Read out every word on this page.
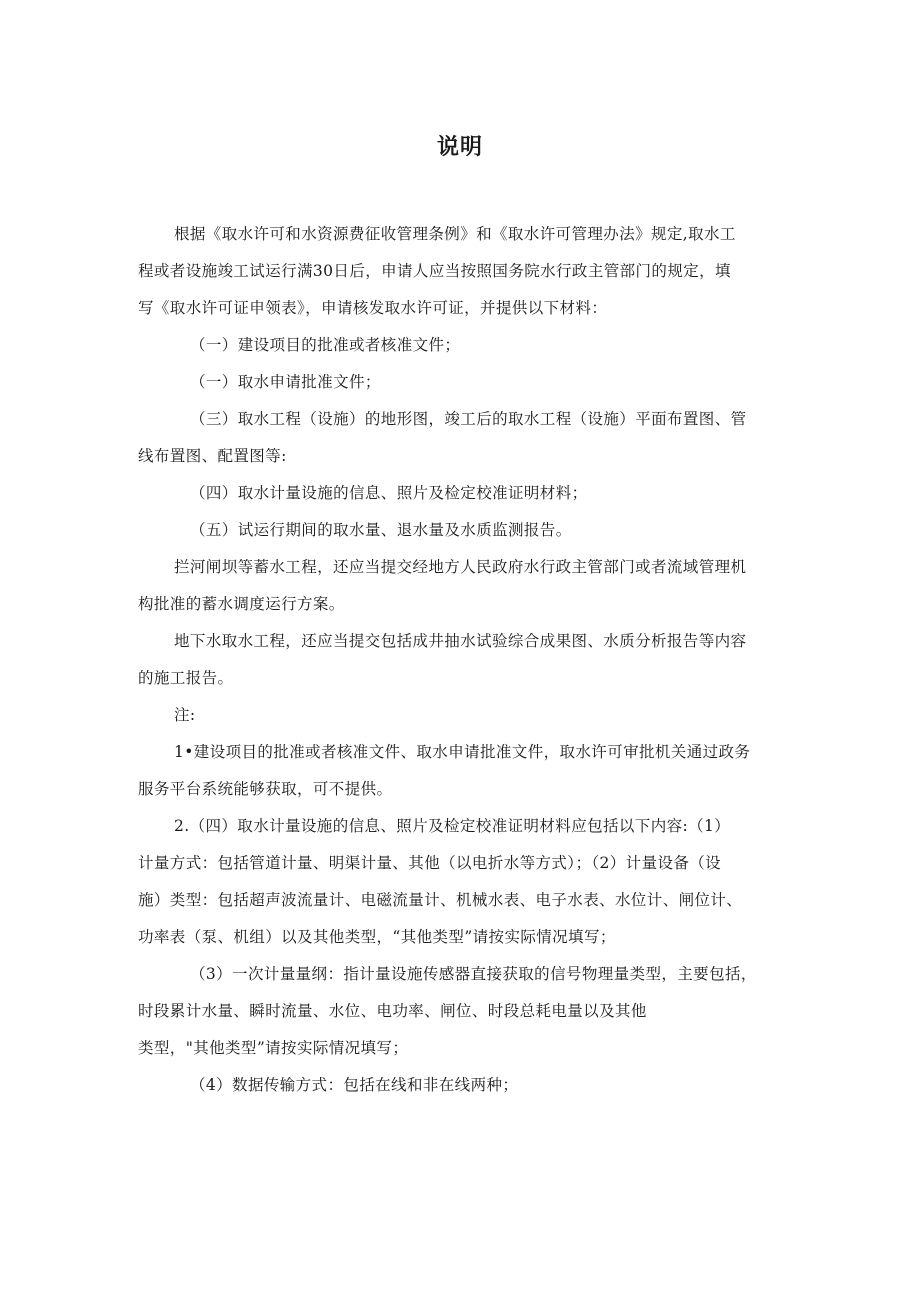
说明
根据《取水许可和水资源费征收管理条例》和《取水许可管理办法》规定,取水工
程或者设施竣工试运行满30日后，申请人应当按照国务院水行政主管部门的规定，填
写《取水许可证申领表》，申请核发取水许可证，并提供以下材料：
（一）建设项目的批准或者核准文件；
（一）取水申请批准文件；
（三）取水工程（设施）的地形图，竣工后的取水工程（设施）平面布置图、管
线布置图、配置图等:
（四）取水计量设施的信息、照片及检定校准证明材料；
（五）试运行期间的取水量、退水量及水质监测报告。
拦河闸坝等蓄水工程，还应当提交经地方人民政府水行政主管部门或者流域管理机
构批准的蓄水调度运行方案。
地下水取水工程，还应当提交包括成井抽水试验综合成果图、水质分析报告等内容
的施工报告。
注:
1•建设项目的批准或者核准文件、取水申请批准文件，取水许可审批机关通过政务
服务平台系统能够获取，可不提供。
2.（四）取水计量设施的信息、照片及检定校准证明材料应包括以下内容:（1）
计量方式：包括管道计量、明渠计量、其他（以电折水等方式）；（2）计量设备（设
施）类型：包括超声波流量计、电磁流量计、机械水表、电子水表、水位计、闸位计、
功率表（泵、机组）以及其他类型，“其他类型”请按实际情况填写；
（3）一次计量量纲：指计量设施传感器直接获取的信号物理量类型，主要包括，
时段累计水量、瞬时流量、水位、电功率、闸位、时段总耗电量以及其他
类型，"其他类型”请按实际情况填写；
（4）数据传输方式：包括在线和非在线两种；
